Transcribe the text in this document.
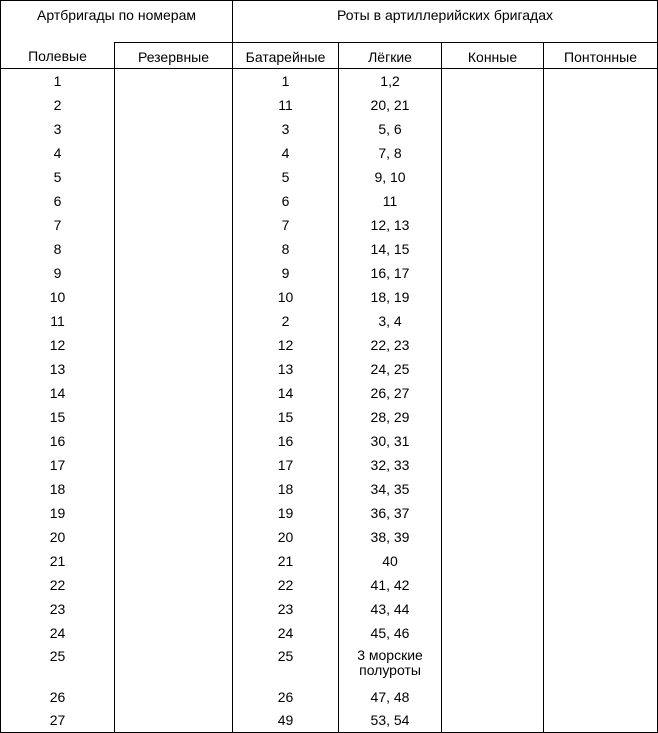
Артбригады по номерам		Роты в артиллерийских бригадах			
Полевые	Резервные	Батарейные	Лёгкие	Конные	Понтонные
1		1	1,2		
2		11	20, 21		
3		3	5, 6		
4		4	7, 8		
5		5	9, 10		
6		6	11		
7		7	12, 13		
8		8	14, 15		
9		9	16, 17		
10		10	18, 19		
11		2	3, 4		
12		12	22, 23		
13		13	24, 25		
14		14	26, 27		
15		15	28, 29		
16		16	30, 31		
17		17	32, 33		
18		18	34, 35		
19		19	36, 37		
20		20	38, 39		
21		21	40		
22		22	41, 42		
23		23	43, 44		
24		24	45, 46		
25		25	3 морские
полуроты		
26		26	47, 48		
27		49	53, 54		
